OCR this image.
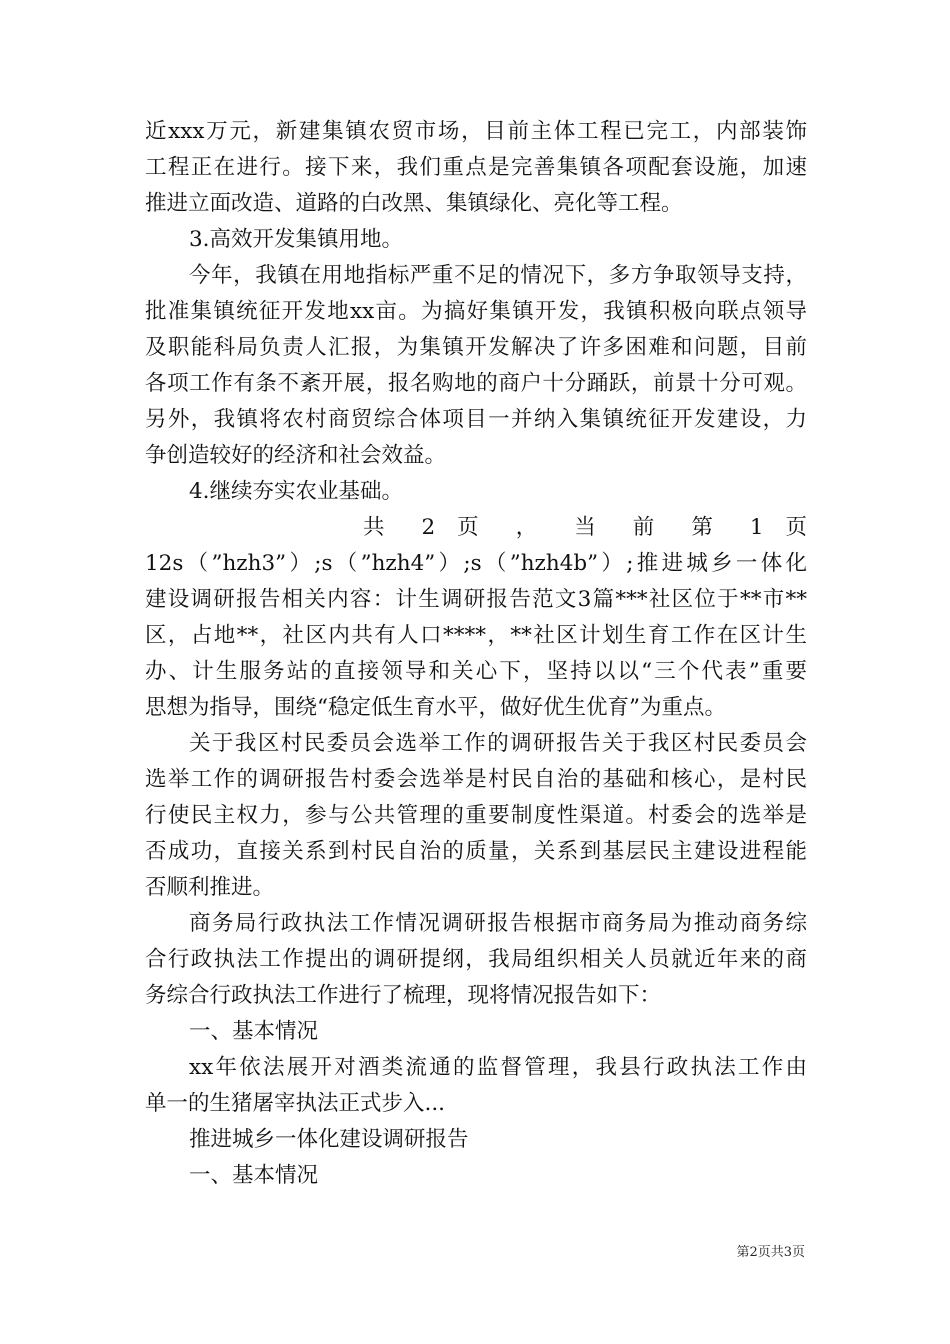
近xxx万元，新建集镇农贸市场，目前主体工程已完工，内部装饰
工程正在进行。接下来，我们重点是完善集镇各项配套设施，加速
推进立面改造、道路的白改黑、集镇绿化、亮化等工程。
3.高效开发集镇用地。
今年，我镇在用地指标严重不足的情况下，多方争取领导支持，
批准集镇统征开发地xx亩。为搞好集镇开发，我镇积极向联点领导
及职能科局负责人汇报，为集镇开发解决了许多困难和问题，目前
各项工作有条不紊开展，报名购地的商户十分踊跃，前景十分可观。
另外，我镇将农村商贸综合体项目一并纳入集镇统征开发建设，力
争创造较好的经济和社会效益。
4.继续夯实农业基础。
共 2 页 ， 当 前 第 1 页
12s（”hzh3”）;s（”hzh4”）;s（”hzh4b”）;推进城乡一体化
建设调研报告相关内容：计生调研报告范文3篇***社区位于**市**
区，占地**，社区内共有人口****，**社区计划生育工作在区计生
办、计生服务站的直接领导和关心下，坚持以以“三个代表”重要
思想为指导，围绕“稳定低生育水平，做好优生优育”为重点。
关于我区村民委员会选举工作的调研报告关于我区村民委员会
选举工作的调研报告村委会选举是村民自治的基础和核心，是村民
行使民主权力，参与公共管理的重要制度性渠道。村委会的选举是
否成功，直接关系到村民自治的质量，关系到基层民主建设进程能
否顺利推进。
商务局行政执法工作情况调研报告根据市商务局为推动商务综
合行政执法工作提出的调研提纲，我局组织相关人员就近年来的商
务综合行政执法工作进行了梳理，现将情况报告如下：
一、基本情况
xx年依法展开对酒类流通的监督管理，我县行政执法工作由
单一的生猪屠宰执法正式步入...
推进城乡一体化建设调研报告
一、基本情况
第2页共3页
